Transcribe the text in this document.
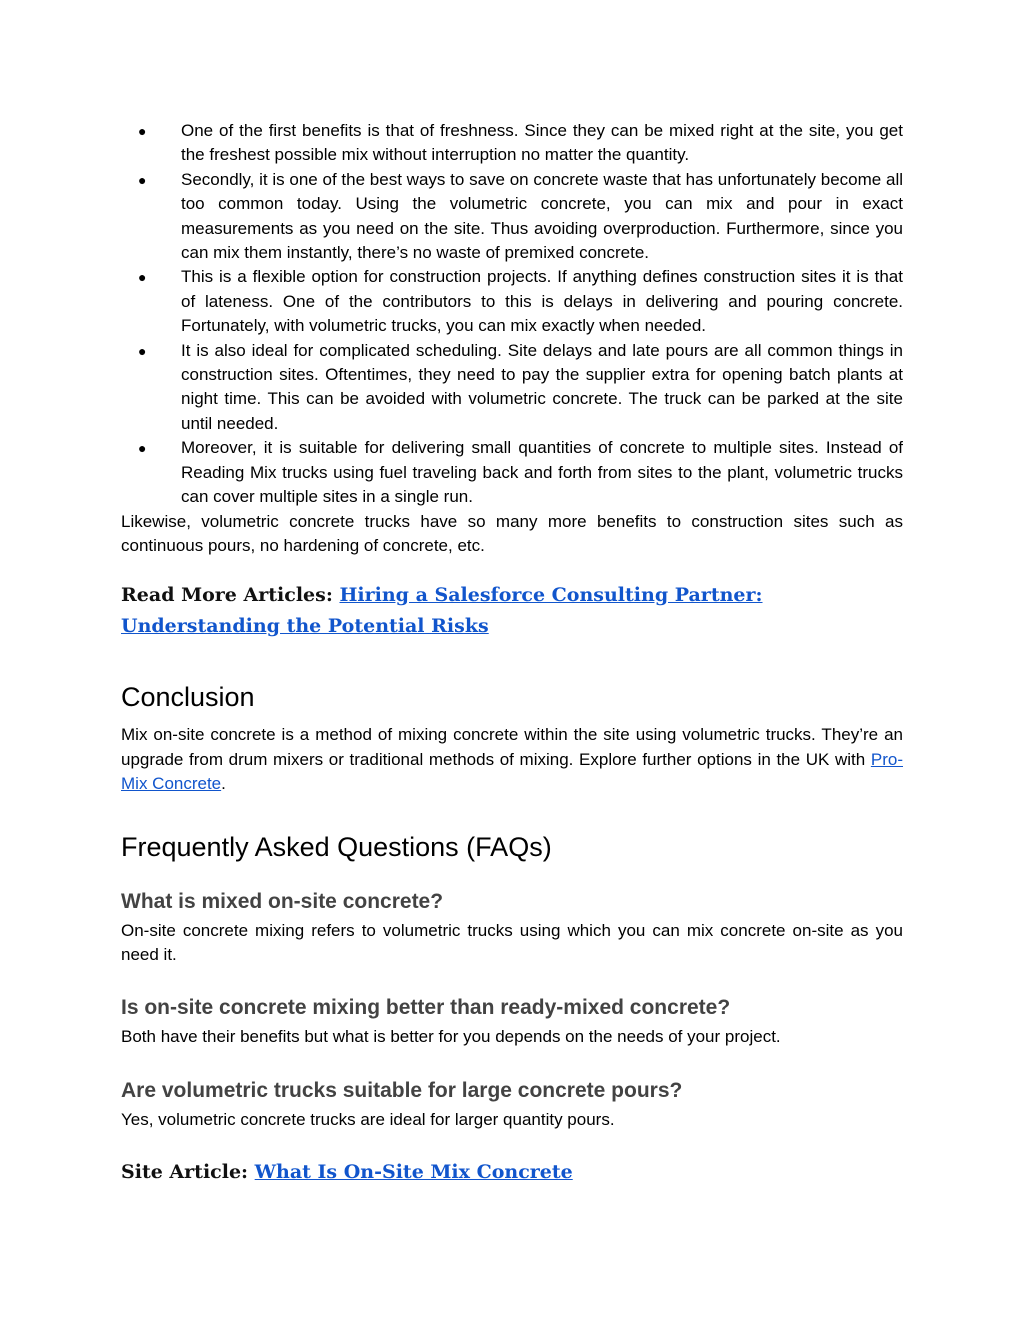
● One of the first benefits is that of freshness. Since they can be mixed right at the site, you get the freshest possible mix without interruption no matter the quantity.
● Secondly, it is one of the best ways to save on concrete waste that has unfortunately become all too common today. Using the volumetric concrete, you can mix and pour in exact measurements as you need on the site. Thus avoiding overproduction. Furthermore, since you can mix them instantly, there’s no waste of premixed concrete.
● This is a flexible option for construction projects. If anything defines construction sites it is that of lateness. One of the contributors to this is delays in delivering and pouring concrete. Fortunately, with volumetric trucks, you can mix exactly when needed.
● It is also ideal for complicated scheduling. Site delays and late pours are all common things in construction sites. Oftentimes, they need to pay the supplier extra for opening batch plants at night time. This can be avoided with volumetric concrete. The truck can be parked at the site until needed.
● Moreover, it is suitable for delivering small quantities of concrete to multiple sites. Instead of Reading Mix trucks using fuel traveling back and forth from sites to the plant, volumetric trucks can cover multiple sites in a single run.

Likewise, volumetric concrete trucks have so many more benefits to construction sites such as continuous pours, no hardening of concrete, etc.

Read More Articles: Hiring a Salesforce Consulting Partner: Understanding the Potential Risks
Conclusion

Mix on-site concrete is a method of mixing concrete within the site using volumetric trucks. They’re an upgrade from drum mixers or traditional methods of mixing. Explore further options in the UK with Pro-Mix Concrete.

Frequently Asked Questions (FAQs)
What is mixed on-site concrete?

On-site concrete mixing refers to volumetric trucks using which you can mix concrete on-site as you need it.

Is on-site concrete mixing better than ready-mixed concrete?

Both have their benefits but what is better for you depends on the needs of your project.

Are volumetric trucks suitable for large concrete pours?

Yes, volumetric concrete trucks are ideal for larger quantity pours.

Site Article: What Is On-Site Mix Concrete
